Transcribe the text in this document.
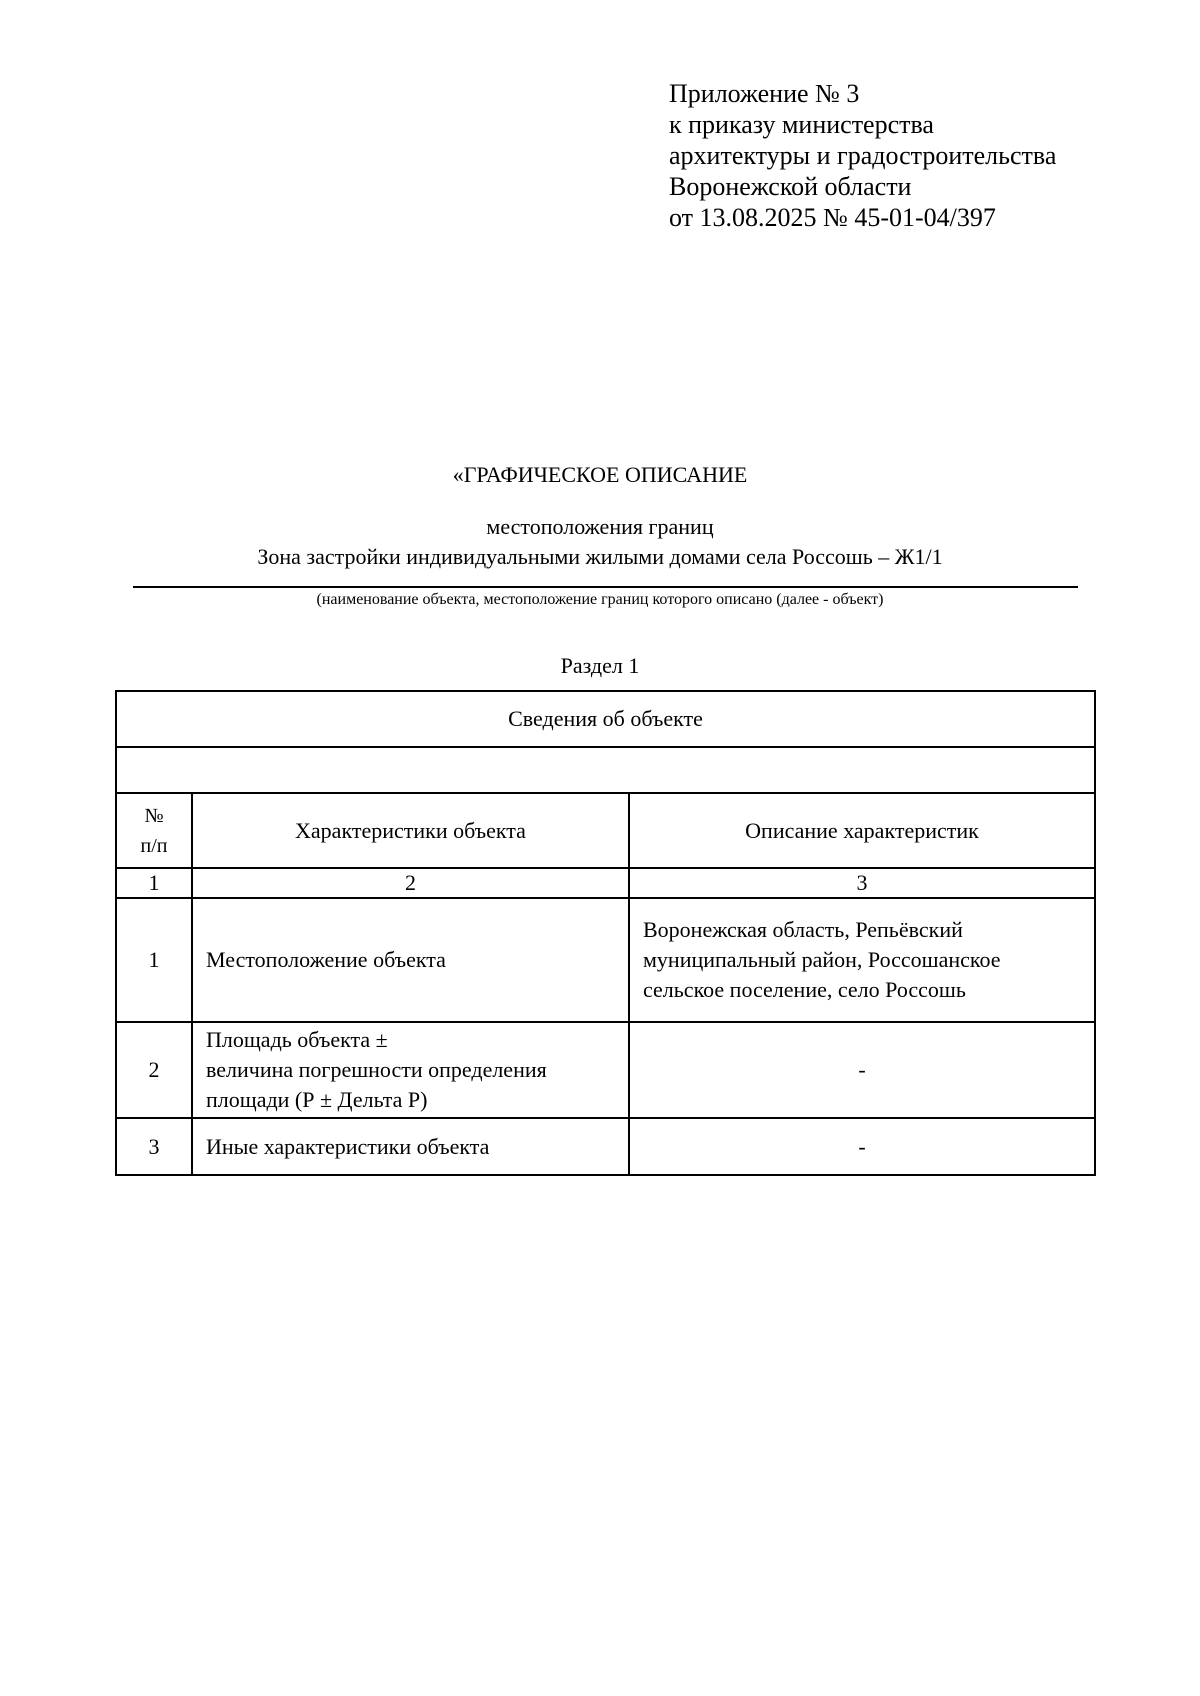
Приложение № 3
к приказу министерства
архитектуры и градостроительства
Воронежской области
от 13.08.2025 № 45-01-04/397
«ГРАФИЧЕСКОЕ ОПИСАНИЕ
местоположения границ
Зона застройки индивидуальными жилыми домами села Россошь – Ж1/1
(наименование объекта, местоположение границ которого описано (далее - объект)
Раздел 1
Сведения об объекте		

№
п/п	Характеристики объекта	Описание характеристик
1	2	3
1	Местоположение объекта	Воронежская область, Репьёвский
муниципальный район, Россошанское
сельское поселение, село Россошь

2	Площадь объекта ±
величина погрешности определения
площади (Р ± Дельта Р)	-

3	Иные характеристики объекта	-
